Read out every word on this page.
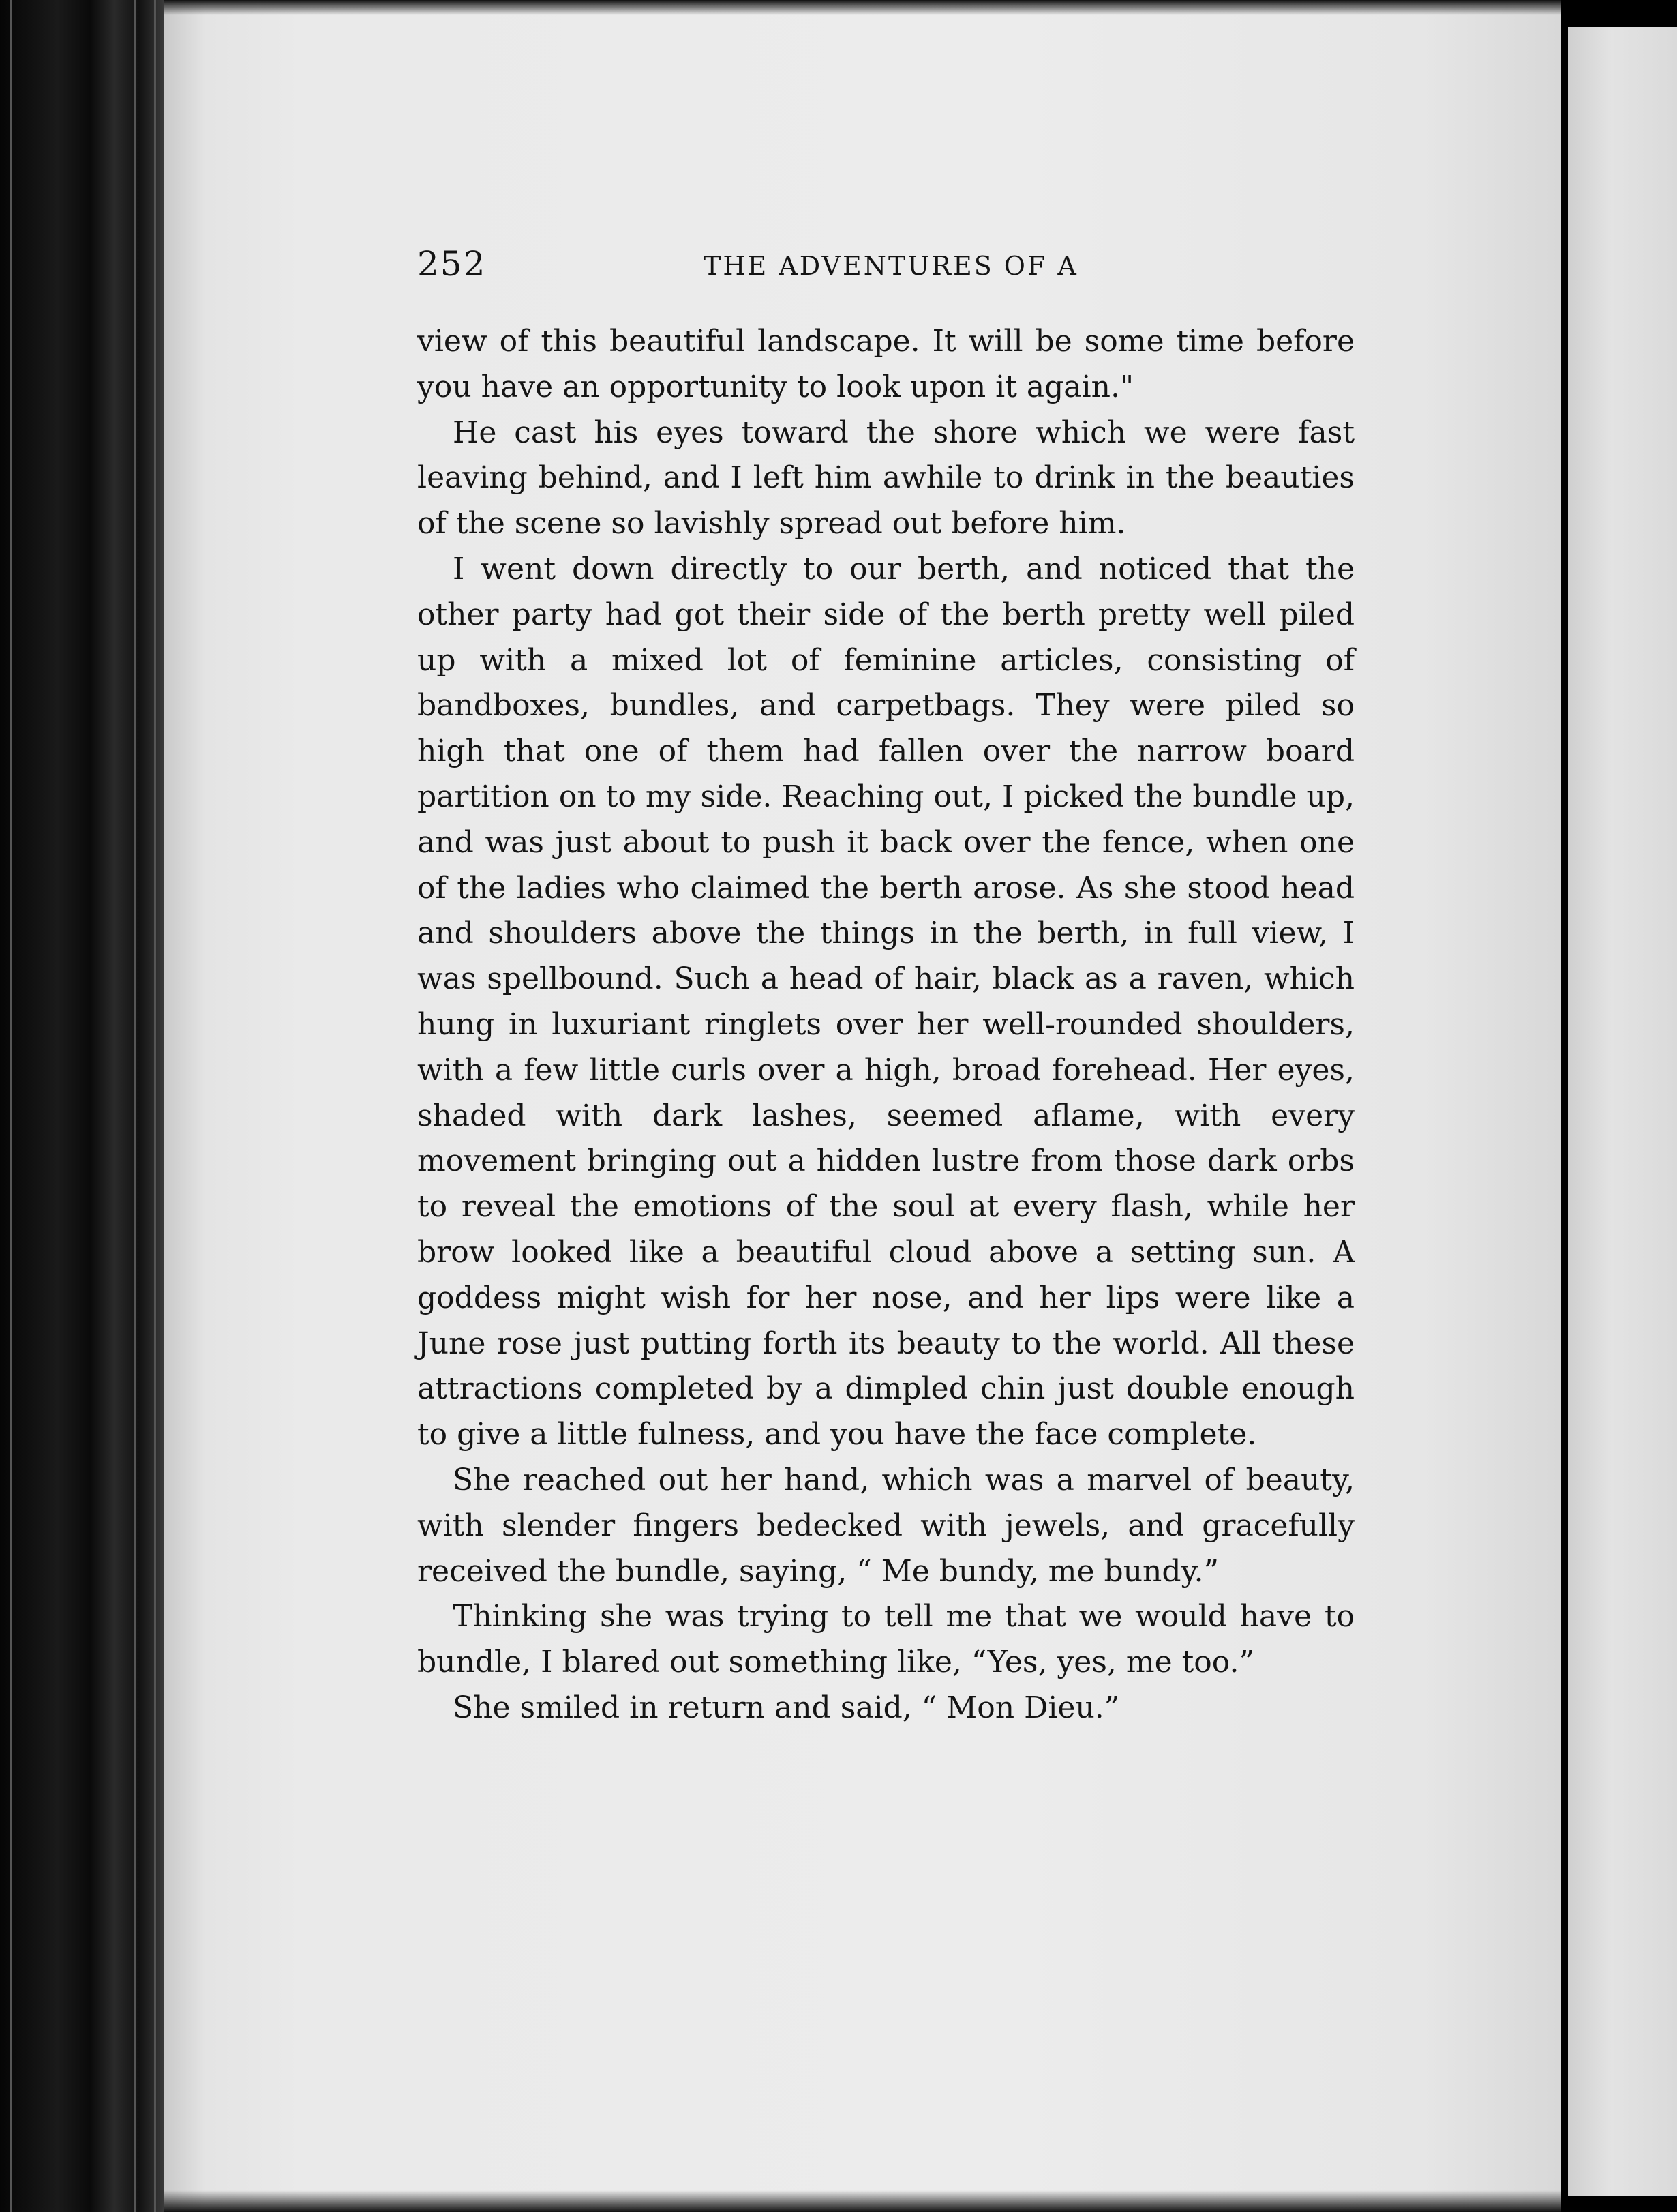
252	THE ADVENTURES OF A

view of this beautiful landscape. It will be some time before you have an opportunity to look upon it again."

He cast his eyes toward the shore which we were fast leaving behind, and I left him awhile to drink in the beauties of the scene so lavishly spread out before him.

I went down directly to our berth, and noticed that the other party had got their side of the berth pretty well piled up with a mixed lot of feminine articles, consisting of bandboxes, bundles, and carpetbags. They were piled so high that one of them had fallen over the narrow board partition on to my side. Reaching out, I picked the bundle up, and was just about to push it back over the fence, when one of the ladies who claimed the berth arose. As she stood head and shoulders above the things in the berth, in full view, I was spellbound. Such a head of hair, black as a raven, which hung in luxuriant ringlets over her well-rounded shoulders, with a few little curls over a high, broad forehead. Her eyes, shaded with dark lashes, seemed aflame, with every movement bringing out a hidden lustre from those dark orbs to reveal the emotions of the soul at every flash, while her brow looked like a beautiful cloud above a setting sun. A goddess might wish for her nose, and her lips were like a June rose just putting forth its beauty to the world. All these attractions completed by a dimpled chin just double enough to give a little fulness, and you have the face complete.

She reached out her hand, which was a marvel of beauty, with slender fingers bedecked with jewels, and gracefully received the bundle, saying, “ Me bundy, me bundy.”

Thinking she was trying to tell me that we would have to bundle, I blared out something like, “Yes, yes, me too.”

She smiled in return and said, “ Mon Dieu.”
